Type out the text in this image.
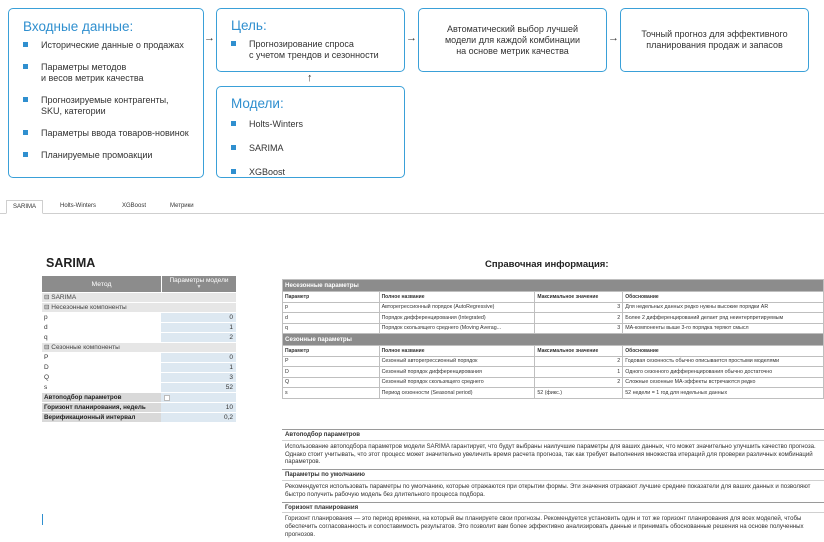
Входные данные:
Исторические данные о продажах
Параметры методов
и весов метрик качества
Прогнозируемые контрагенты,
SKU, категории
Параметры ввода товаров-новинок
Планируемые промоакции
→
Цель:
Прогнозирование спроса
с учетом трендов и сезонности
→
Автоматический выбор лучшей
модели для каждой комбинации
на основе метрик качества
→	Точный прогноз для эффективного
планирования продаж и запасов
↑
Модели:
Holts-Winters
SARIMA
XGBoost
SARIMA	Holts-Winters	XGBoost	Метрики
SARIMA	Справочная информация:
Метод
Параметры модели
▼
⊟ SARIMA
⊟ Несезонные компоненты
p	0
d	1
q	2
⊟ Сезонные компоненты
P	0
D	1
Q	3
s	52
Автоподбор параметров
Горизонт планирования, недель	10
Верификационный интервал	0,2
Несезонные параметры			
Параметр	Полное название	Максимальное значение	Обоснование
p	Авторегрессионный порядок (AutoRegressive)	3	Для недельных данных редко нужны высокие порядки AR
d	Порядок дифференцирования (Integrated)	2	Более 2 дифференцирований делает ряд неинтерпретируемым
q	Порядок скользящего среднего (Moving Averag...	3	MA-компоненты выше 3-го порядка теряют смысл
Сезонные параметры			
Параметр	Полное название	Максимальное значение	Обоснование
P	Сезонный авторегрессионный порядок	2	Годовая сезонность обычно описывается простыми моделями
D	Сезонный порядок дифференцирования	1	Одного сезонного дифференцирования обычно достаточно
Q	Сезонный порядок скользящего среднего	2	Сложные сезонные MA-эффекты встречаются редко
s	Период сезонности (Seasonal period)	52 (фикс.)	52 недели = 1 год для недельных данных
Автоподбор параметров
Использование автоподбора параметров модели SARIMA гарантирует, что будут выбраны наилучшие параметры для ваших данных, что может значительно улучшить качество прогноза. Однако стоит учитывать, что этот процесс может значительно увеличить время расчета прогноза, так как требует выполнения множества итераций для проверки различных комбинаций параметров.
Параметры по умолчанию
Рекомендуется использовать параметры по умолчанию, которые отражаются при открытии формы. Эти значения отражают лучшие средние показатели для ваших данных и позволяют быстро получить рабочую модель без длительного процесса подбора.
Горизонт планирования
Горизонт планирования — это период времени, на который вы планируете свои прогнозы. Рекомендуется установить один и тот же горизонт планирования для всех моделей, чтобы обеспечить согласованность и сопоставимость результатов. Это позволит вам более эффективно анализировать данные и принимать обоснованные решения на основе полученных прогнозов.
